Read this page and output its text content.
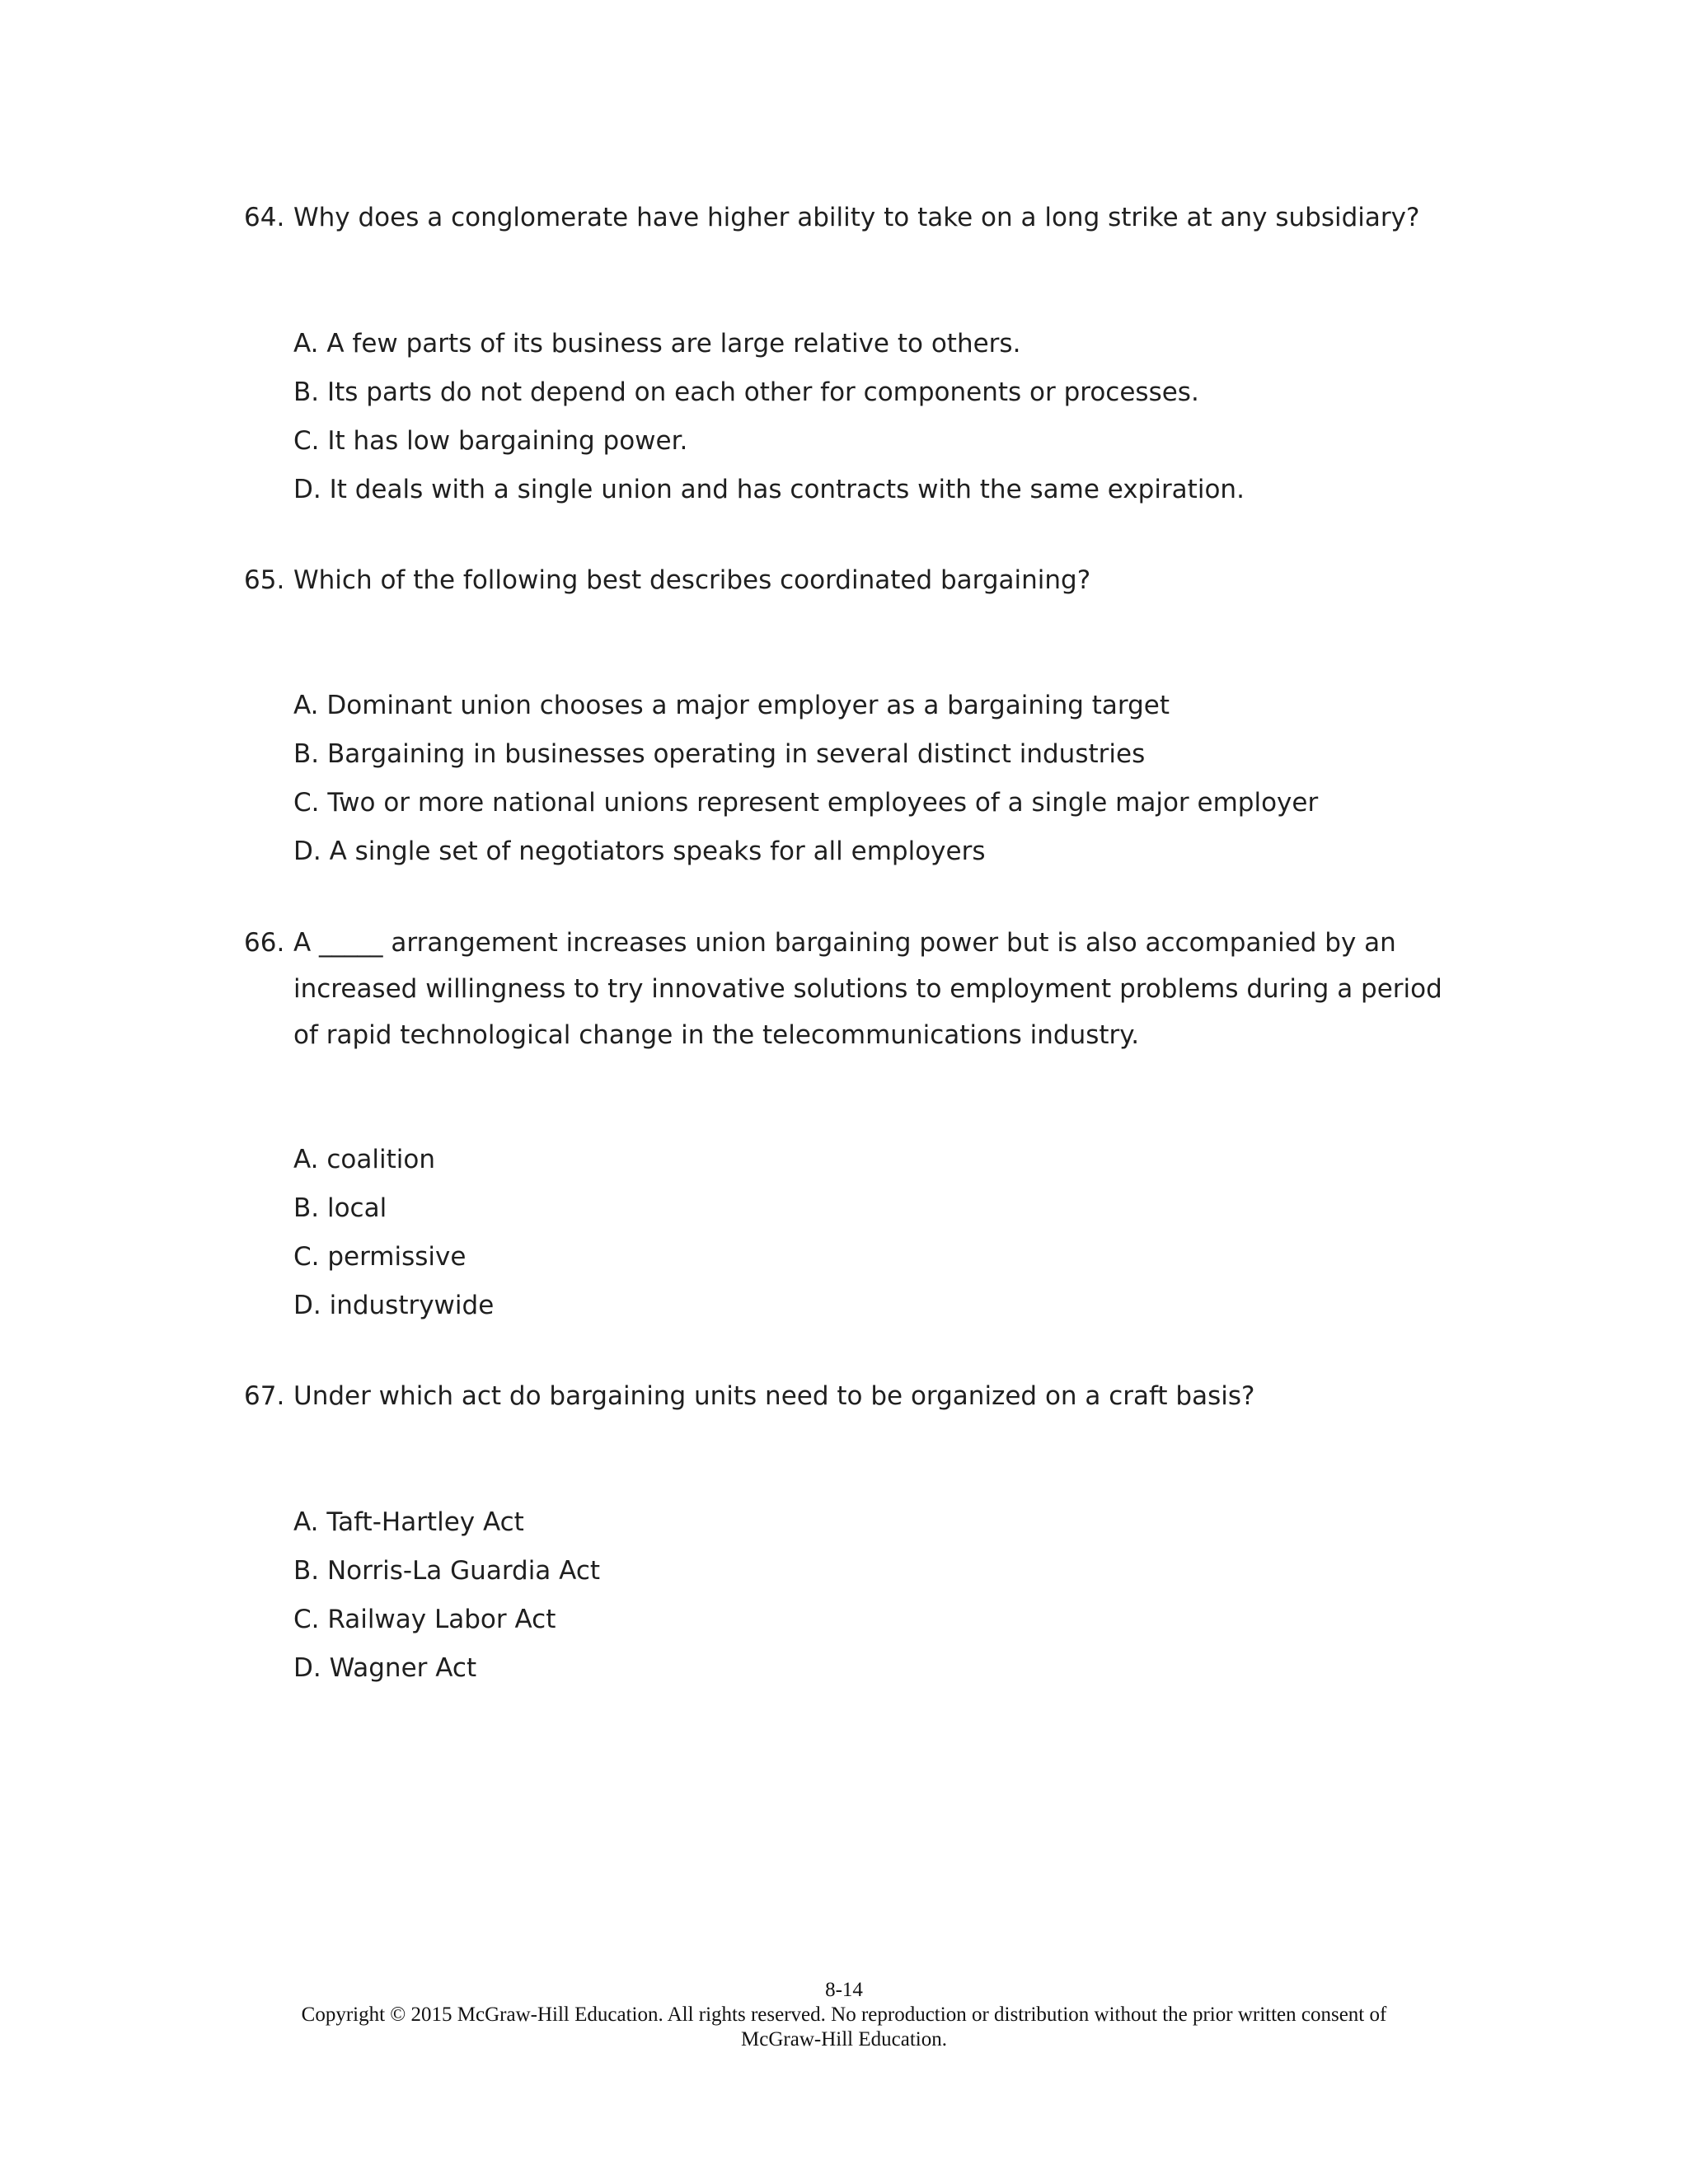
64. Why does a conglomerate have higher ability to take on a long strike at any subsidiary?
A. A few parts of its business are large relative to others.
B. Its parts do not depend on each other for components or processes.
C. It has low bargaining power.
D. It deals with a single union and has contracts with the same expiration.
65. Which of the following best describes coordinated bargaining?
A. Dominant union chooses a major employer as a bargaining target
B. Bargaining in businesses operating in several distinct industries
C. Two or more national unions represent employees of a single major employer
D. A single set of negotiators speaks for all employers
66. A _____ arrangement increases union bargaining power but is also accompanied by an increased willingness to try innovative solutions to employment problems during a period of rapid technological change in the telecommunications industry.
A. coalition
B. local
C. permissive
D. industrywide
67. Under which act do bargaining units need to be organized on a craft basis?
A. Taft-Hartley Act
B. Norris-La Guardia Act
C. Railway Labor Act
D. Wagner Act
8-14
Copyright © 2015 McGraw-Hill Education. All rights reserved. No reproduction or distribution without the prior written consent of
McGraw-Hill Education.
